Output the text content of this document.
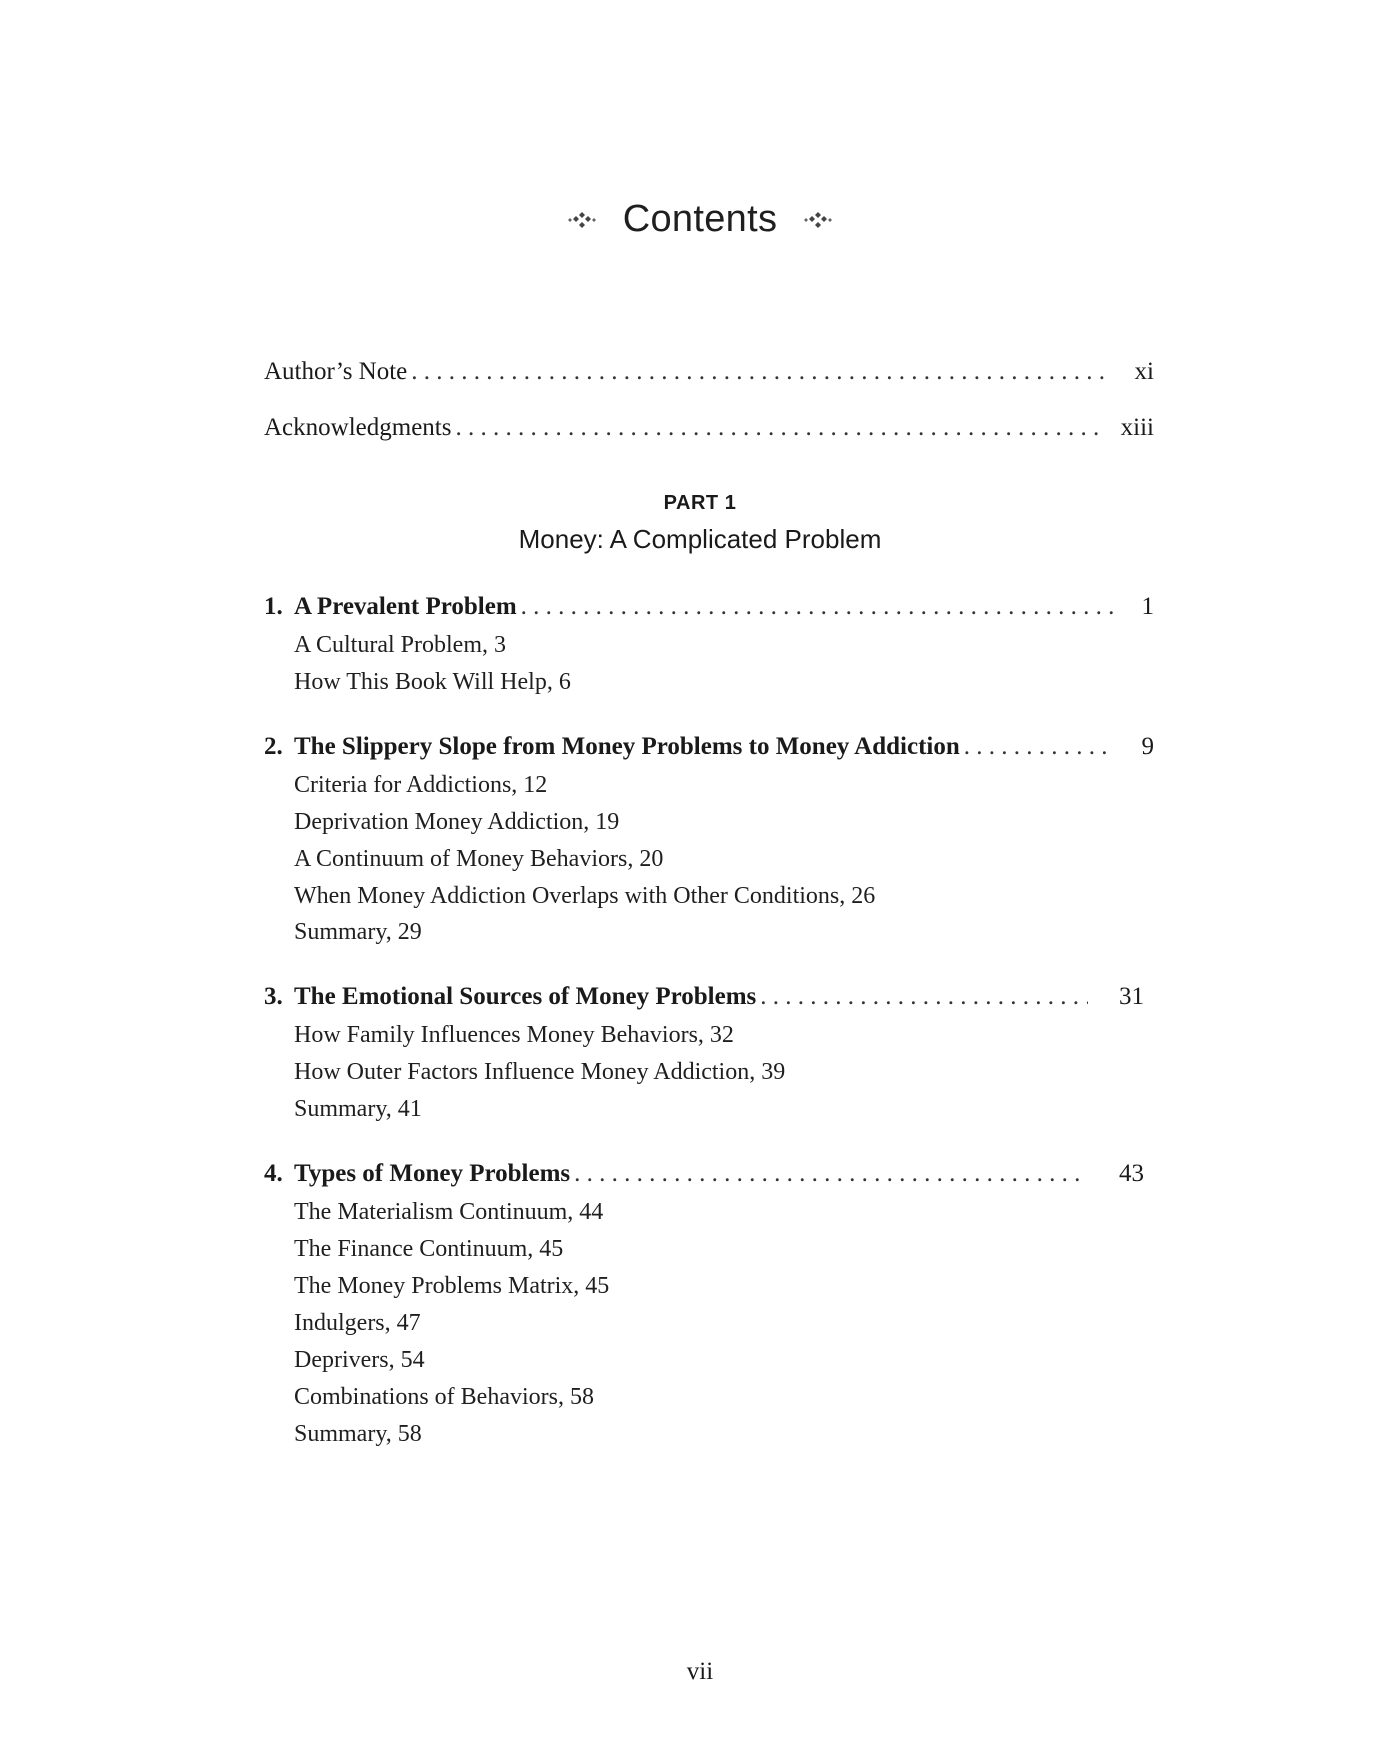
Contents
Author’s Note . . .	xi
Acknowledgments . . .	xiii
PART 1
Money: A Complicated Problem
1. A Prevalent Problem . . .	1
A Cultural Problem, 3
How This Book Will Help, 6
2. The Slippery Slope from Money Problems to Money Addiction . . .	9
Criteria for Addictions, 12
Deprivation Money Addiction, 19
A Continuum of Money Behaviors, 20
When Money Addiction Overlaps with Other Conditions, 26
Summary, 29
3. The Emotional Sources of Money Problems . . .	31
How Family Influences Money Behaviors, 32
How Outer Factors Influence Money Addiction, 39
Summary, 41
4. Types of Money Problems . . .	43
The Materialism Continuum, 44
The Finance Continuum, 45
The Money Problems Matrix, 45
Indulgers, 47
Deprivers, 54
Combinations of Behaviors, 58
Summary, 58
vii
